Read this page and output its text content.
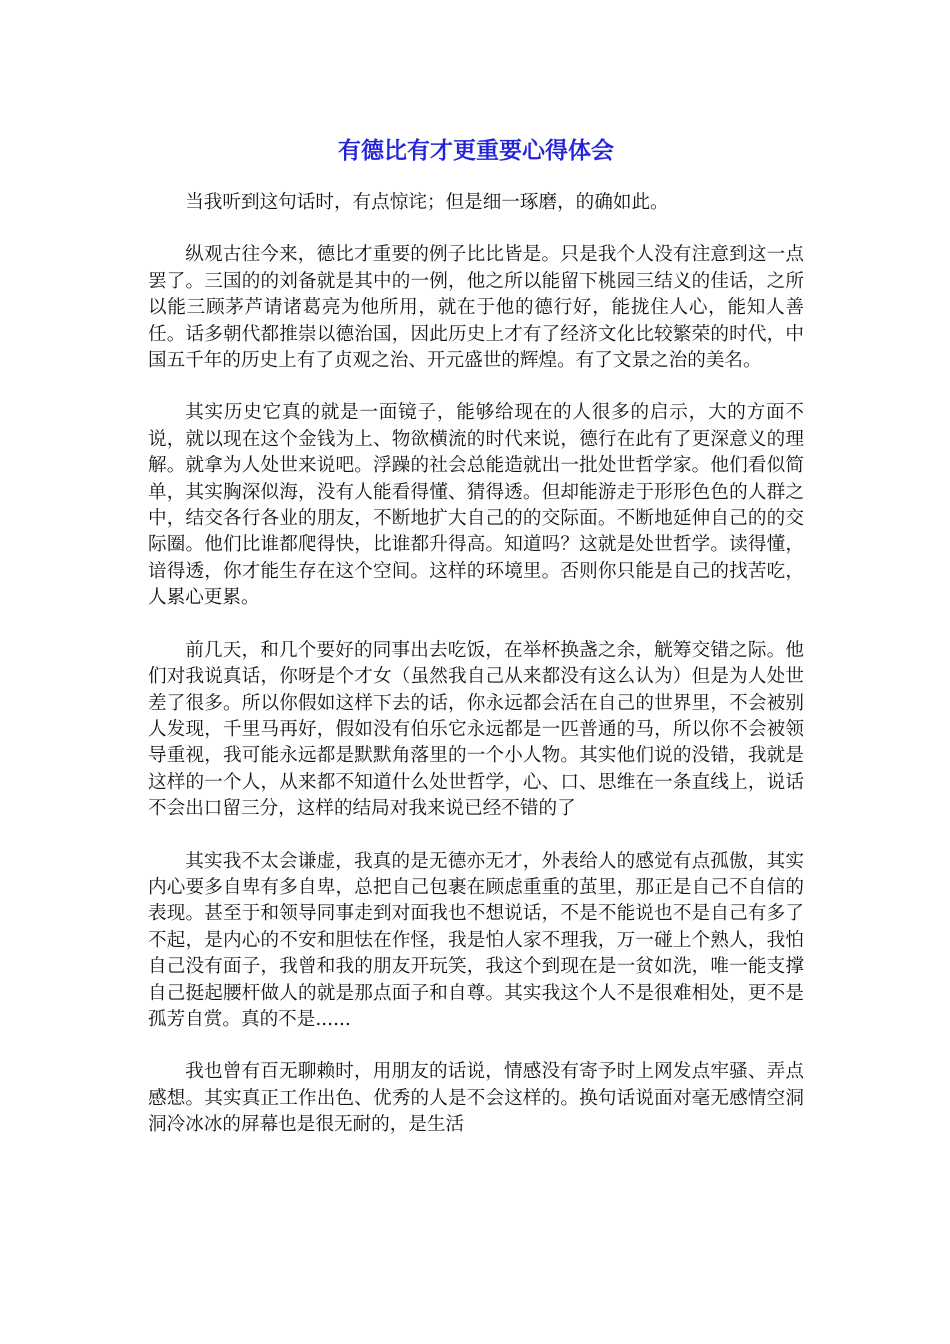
有德比有才更重要心得体会

当我听到这句话时，有点惊诧；但是细一琢磨，的确如此。

纵观古往今来，德比才重要的例子比比皆是。只是我个人没有注意到这一点罢了。三国的的刘备就是其中的一例，他之所以能留下桃园三结义的佳话，之所以能三顾茅芦请诸葛亮为他所用，就在于他的德行好，能拢住人心，能知人善任。话多朝代都推崇以德治国，因此历史上才有了经济文化比较繁荣的时代，中国五千年的历史上有了贞观之治、开元盛世的辉煌。有了文景之治的美名。

其实历史它真的就是一面镜子，能够给现在的人很多的启示，大的方面不说，就以现在这个金钱为上、物欲横流的时代来说，德行在此有了更深意义的理解。就拿为人处世来说吧。浮躁的社会总能造就出一批处世哲学家。他们看似简单，其实胸深似海，没有人能看得懂、猜得透。但却能游走于形形色色的人群之中，结交各行各业的朋友，不断地扩大自己的的交际面。不断地延伸自己的的交际圈。他们比谁都爬得快，比谁都升得高。知道吗？这就是处世哲学。读得懂，谙得透，你才能生存在这个空间。这样的环境里。否则你只能是自己的找苦吃，人累心更累。

前几天，和几个要好的同事出去吃饭，在举杯换盏之余，觥筹交错之际。他们对我说真话，你呀是个才女（虽然我自己从来都没有这么认为）但是为人处世差了很多。所以你假如这样下去的话，你永远都会活在自己的世界里，不会被别人发现，千里马再好，假如没有伯乐它永远都是一匹普通的马，所以你不会被领导重视，我可能永远都是默默角落里的一个小人物。其实他们说的没错，我就是这样的一个人，从来都不知道什么处世哲学，心、口、思维在一条直线上，说话不会出口留三分，这样的结局对我来说已经不错的了

其实我不太会谦虚，我真的是无德亦无才，外表给人的感觉有点孤傲，其实内心要多自卑有多自卑，总把自己包裹在顾虑重重的茧里，那正是自己不自信的表现。甚至于和领导同事走到对面我也不想说话，不是不能说也不是自己有多了不起，是内心的不安和胆怯在作怪，我是怕人家不理我，万一碰上个熟人，我怕自己没有面子，我曾和我的朋友开玩笑，我这个到现在是一贫如洗，唯一能支撑自己挺起腰杆做人的就是那点面子和自尊。其实我这个人不是很难相处，更不是孤芳自赏。真的不是......

我也曾有百无聊赖时，用朋友的话说，情感没有寄予时上网发点牢骚、弄点感想。其实真正工作出色、优秀的人是不会这样的。换句话说面对毫无感情空洞洞冷冰冰的屏幕也是很无耐的，是生活
